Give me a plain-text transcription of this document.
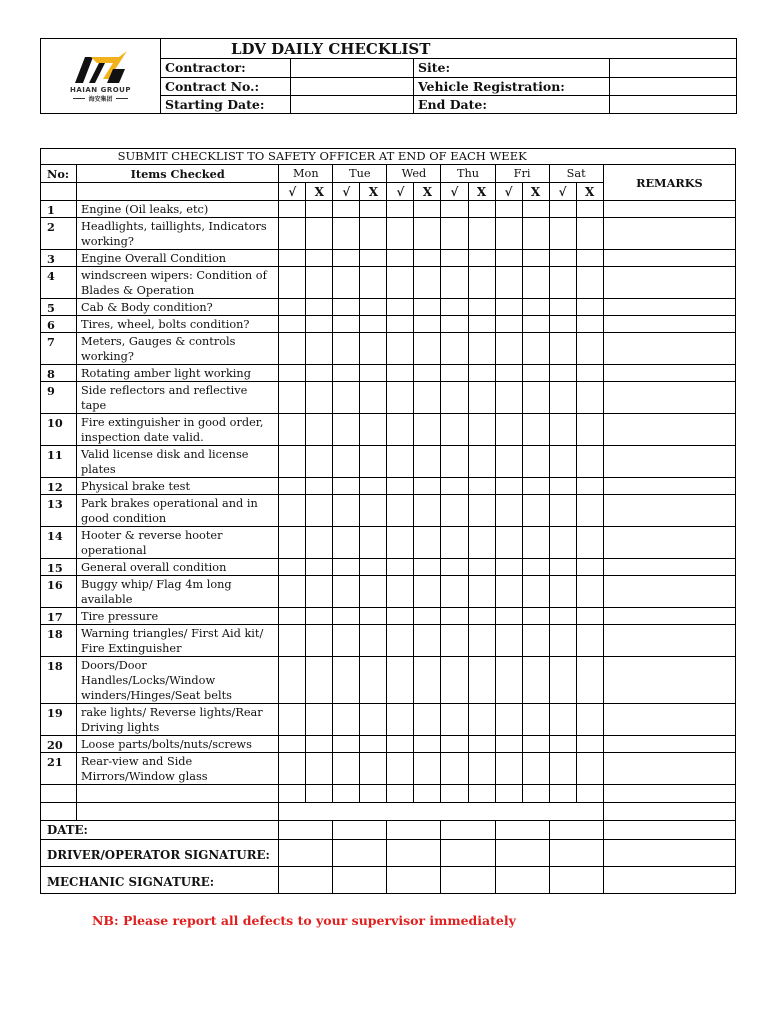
HAIAN GROUP
海安集团	LDV DAILY CHECKLIST			
	Contractor:		Site:	
	Contract No.:		Vehicle Registration:	
	Starting Date:		End Date:	
SUBMIT CHECKLIST TO SAFETY OFFICER AT END OF EACH WEEK														
No:	Items Checked	Mon		Tue		Wed		Thu		Fri		Sat		REMARKS
		√	X	√	X	√	X	√	X	√	X	√	X	
1	Engine (Oil leaks, etc)													
2	Headlights, taillights, Indicators working?													
3	Engine Overall Condition													
4	windscreen wipers: Condition of Blades & Operation													
5	Cab & Body condition?													
6	Tires, wheel, bolts condition?													
7	Meters, Gauges & controls working?													
8	Rotating amber light working													
9	Side reflectors and reflective tape													
10	Fire extinguisher in good order, inspection date valid.													
11	Valid license disk and license plates													
12	Physical brake test													
13	Park brakes operational and in good condition													
14	Hooter & reverse hooter operational													
15	General overall condition													
16	Buggy whip/ Flag 4m long available													
17	Tire pressure													
18	Warning triangles/ First Aid kit/ Fire Extinguisher													
18	Doors/Door Handles/Locks/Window winders/Hinges/Seat belts													
19	rake lights/ Reverse lights/Rear Driving lights													
20	Loose parts/bolts/nuts/screws													
21	Rear-view and Side Mirrors/Window glass													

DATE:														
DRIVER/OPERATOR SIGNATURE:														
MECHANIC SIGNATURE:														
NB: Please report all defects to your supervisor immediately
